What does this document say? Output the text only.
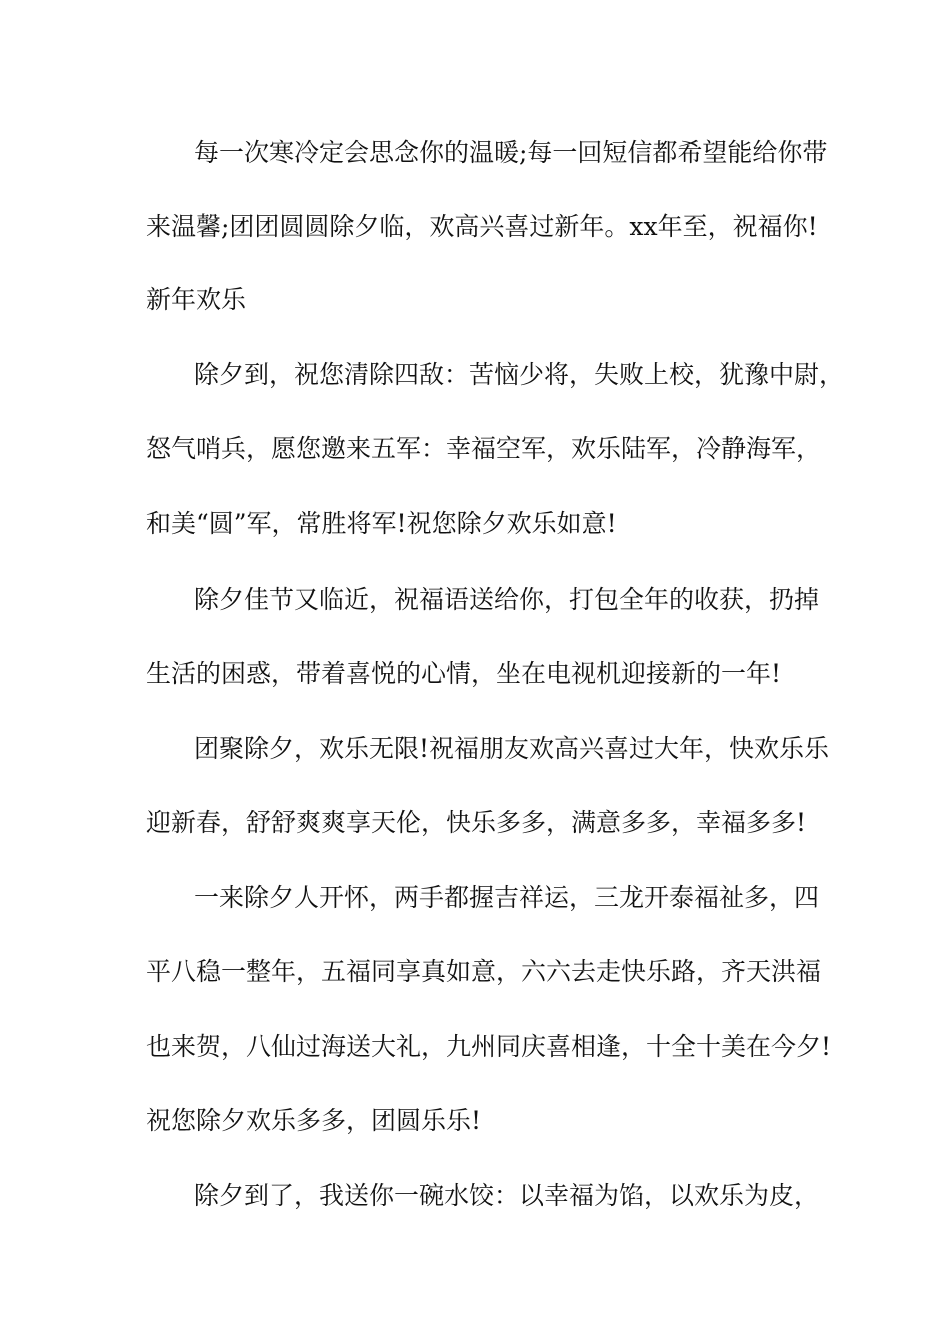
每一次寒冷定会思念你的温暖;每一回短信都希望能给你带
来温馨;团团圆圆除夕临，欢高兴喜过新年。xx年至，祝福你!
新年欢乐
除夕到，祝您清除四敌：苦恼少将，失败上校，犹豫中尉，
怒气哨兵，愿您邀来五军：幸福空军，欢乐陆军，冷静海军，
和美“圆”军，常胜将军!祝您除夕欢乐如意!
除夕佳节又临近，祝福语送给你，打包全年的收获，扔掉
生活的困惑，带着喜悦的心情，坐在电视机迎接新的一年!
团聚除夕，欢乐无限!祝福朋友欢高兴喜过大年，快欢乐乐
迎新春，舒舒爽爽享天伦，快乐多多，满意多多，幸福多多!
一来除夕人开怀，两手都握吉祥运，三龙开泰福祉多，四
平八稳一整年，五福同享真如意，六六去走快乐路，齐天洪福
也来贺，八仙过海送大礼，九州同庆喜相逢，十全十美在今夕!
祝您除夕欢乐多多，团圆乐乐!
除夕到了，我送你一碗水饺：以幸福为馅，以欢乐为皮，
